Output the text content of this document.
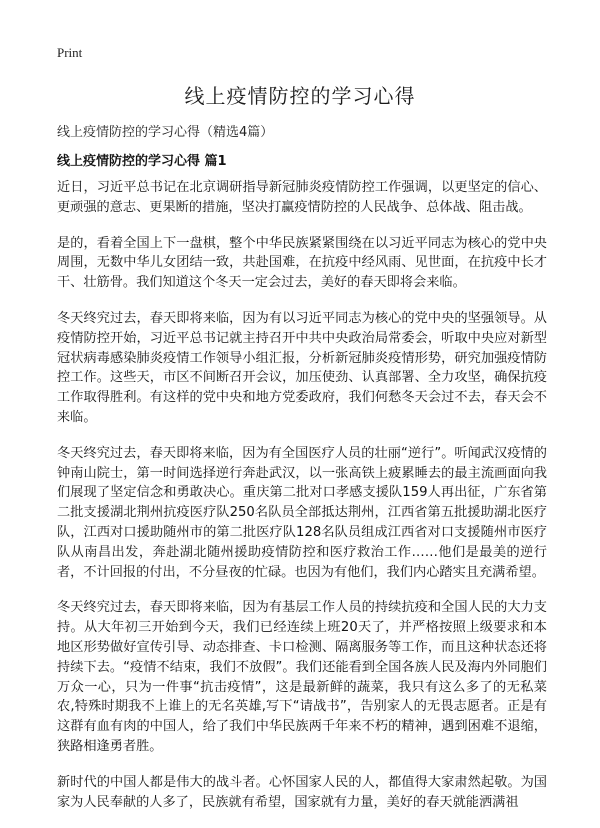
Print
线上疫情防控的学习心得
线上疫情防控的学习心得（精选4篇）
线上疫情防控的学习心得 篇1

近日，习近平总书记在北京调研指导新冠肺炎疫情防控工作强调，以更坚定的信心、更顽强的意志、更果断的措施，坚决打赢疫情防控的人民战争、总体战、阻击战。

是的，看着全国上下一盘棋，整个中华民族紧紧围绕在以习近平同志为核心的党中央周围，无数中华儿女团结一致，共赴国难，在抗疫中经风雨、见世面，在抗疫中长才干、壮筋骨。我们知道这个冬天一定会过去，美好的春天即将会来临。

冬天终究过去，春天即将来临，因为有以习近平同志为核心的党中央的坚强领导。从疫情防控开始，习近平总书记就主持召开中共中央政治局常委会，听取中央应对新型冠状病毒感染肺炎疫情工作领导小组汇报，分析新冠肺炎疫情形势，研究加强疫情防控工作。这些天，市区不间断召开会议，加压使劲、认真部署、全力攻坚，确保抗疫工作取得胜利。有这样的党中央和地方党委政府，我们何愁冬天会过不去，春天会不来临。

冬天终究过去，春天即将来临，因为有全国医疗人员的壮丽“逆行”。听闻武汉疫情的钟南山院士，第一时间选择逆行奔赴武汉，以一张高铁上疲累睡去的最主流画面向我们展现了坚定信念和勇敢决心。重庆第二批对口孝感支援队159人再出征，广东省第二批支援湖北荆州抗疫医疗队250名队员全部抵达荆州，江西省第五批援助湖北医疗队，江西对口援助随州市的第二批医疗队128名队员组成江西省对口支援随州市医疗队从南昌出发，奔赴湖北随州援助疫情防控和医疗救治工作……他们是最美的逆行者，不计回报的付出，不分昼夜的忙碌。也因为有他们，我们内心踏实且充满希望。

冬天终究过去，春天即将来临，因为有基层工作人员的持续抗疫和全国人民的大力支持。从大年初三开始到今天，我们已经连续上班20天了，并严格按照上级要求和本地区形势做好宣传引导、动态排查、卡口检测、隔离服务等工作，而且这种状态还将持续下去。“疫情不结束，我们不放假”。我们还能看到全国各族人民及海内外同胞们万众一心，只为一件事“抗击疫情”，这是最新鲜的蔬菜，我只有这么多了的无私菜农,特殊时期我不上谁上的无名英雄,写下“请战书”，告别家人的无畏志愿者。正是有这群有血有肉的中国人，给了我们中华民族两千年来不朽的精神，遇到困难不退缩，狭路相逢勇者胜。

新时代的中国人都是伟大的战斗者。心怀国家人民的人，都值得大家肃然起敬。为国家为人民奉献的人多了，民族就有希望，国家就有力量，美好的春天就能洒满祖
